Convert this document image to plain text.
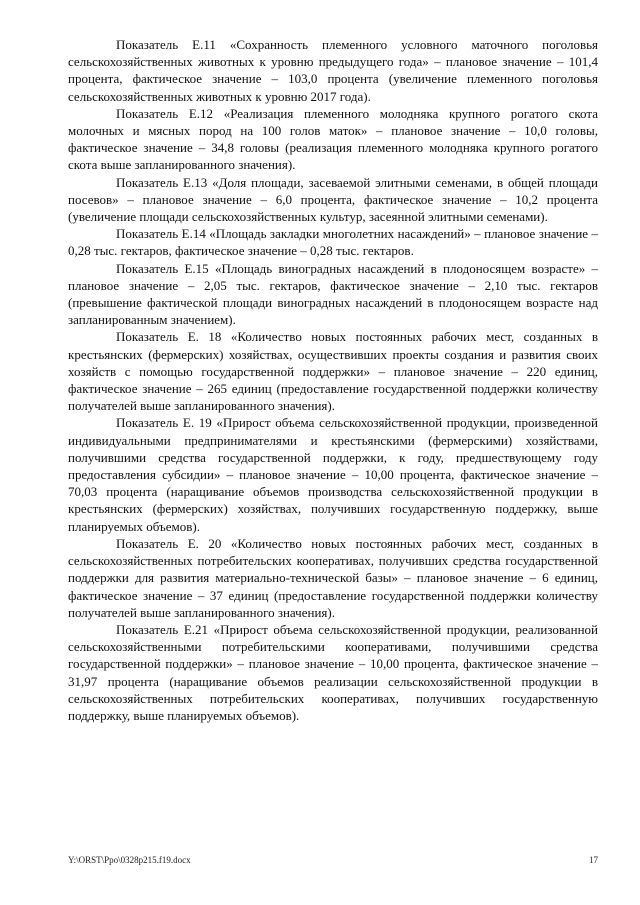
Показатель Е.11 «Сохранность племенного условного маточного поголовья сельскохозяйственных животных к уровню предыдущего года» – плановое значение – 101,4 процента, фактическое значение – 103,0 процента (увеличение племенного поголовья сельскохозяйственных животных к уровню 2017 года).

Показатель Е.12 «Реализация племенного молодняка крупного рогатого скота молочных и мясных пород на 100 голов маток» – плановое значение – 10,0 головы, фактическое значение – 34,8 головы (реализация племенного молодняка крупного рогатого скота выше запланированного значения).

Показатель Е.13 «Доля площади, засеваемой элитными семенами, в общей площади посевов» – плановое значение – 6,0 процента, фактическое значение – 10,2 процента (увеличение площади сельскохозяйственных культур, засеянной элитными семенами).

Показатель Е.14 «Площадь закладки многолетних насаждений» – плановое значение – 0,28 тыс. гектаров, фактическое значение – 0,28 тыс. гектаров.

Показатель Е.15 «Площадь виноградных насаждений в плодоносящем возрасте» – плановое значение – 2,05 тыс. гектаров, фактическое значение – 2,10 тыс. гектаров (превышение фактической площади виноградных насаждений в плодоносящем возрасте над запланированным значением).

Показатель Е. 18 «Количество новых постоянных рабочих мест, созданных в крестьянских (фермерских) хозяйствах, осуществивших проекты создания и развития своих хозяйств с помощью государственной поддержки» – плановое значение – 220 единиц, фактическое значение – 265 единиц (предоставление государственной поддержки количеству получателей выше запланированного значения).

Показатель Е. 19 «Прирост объема сельскохозяйственной продукции, произведенной индивидуальными предпринимателями и крестьянскими (фермерскими) хозяйствами, получившими средства государственной поддержки, к году, предшествующему году предоставления субсидии» – плановое значение – 10,00 процента, фактическое значение – 70,03 процента (наращивание объемов производства сельскохозяйственной продукции в крестьянских (фермерских) хозяйствах, получивших государственную поддержку, выше планируемых объемов).

Показатель Е. 20 «Количество новых постоянных рабочих мест, созданных в сельскохозяйственных потребительских кооперативах, получивших средства государственной поддержки для развития материально-технической базы» – плановое значение – 6 единиц, фактическое значение – 37 единиц (предоставление государственной поддержки количеству получателей выше запланированного значения).

Показатель Е.21 «Прирост объема сельскохозяйственной продукции, реализованной сельскохозяйственными потребительскими кооперативами, получившими средства государственной поддержки» – плановое значение – 10,00 процента, фактическое значение – 31,97 процента (наращивание объемов реализации сельскохозяйственной продукции в сельскохозяйственных потребительских кооперативах, получивших государственную поддержку, выше планируемых объемов).

Y:\ORST\Ppo\0328p215.f19.docx	17
